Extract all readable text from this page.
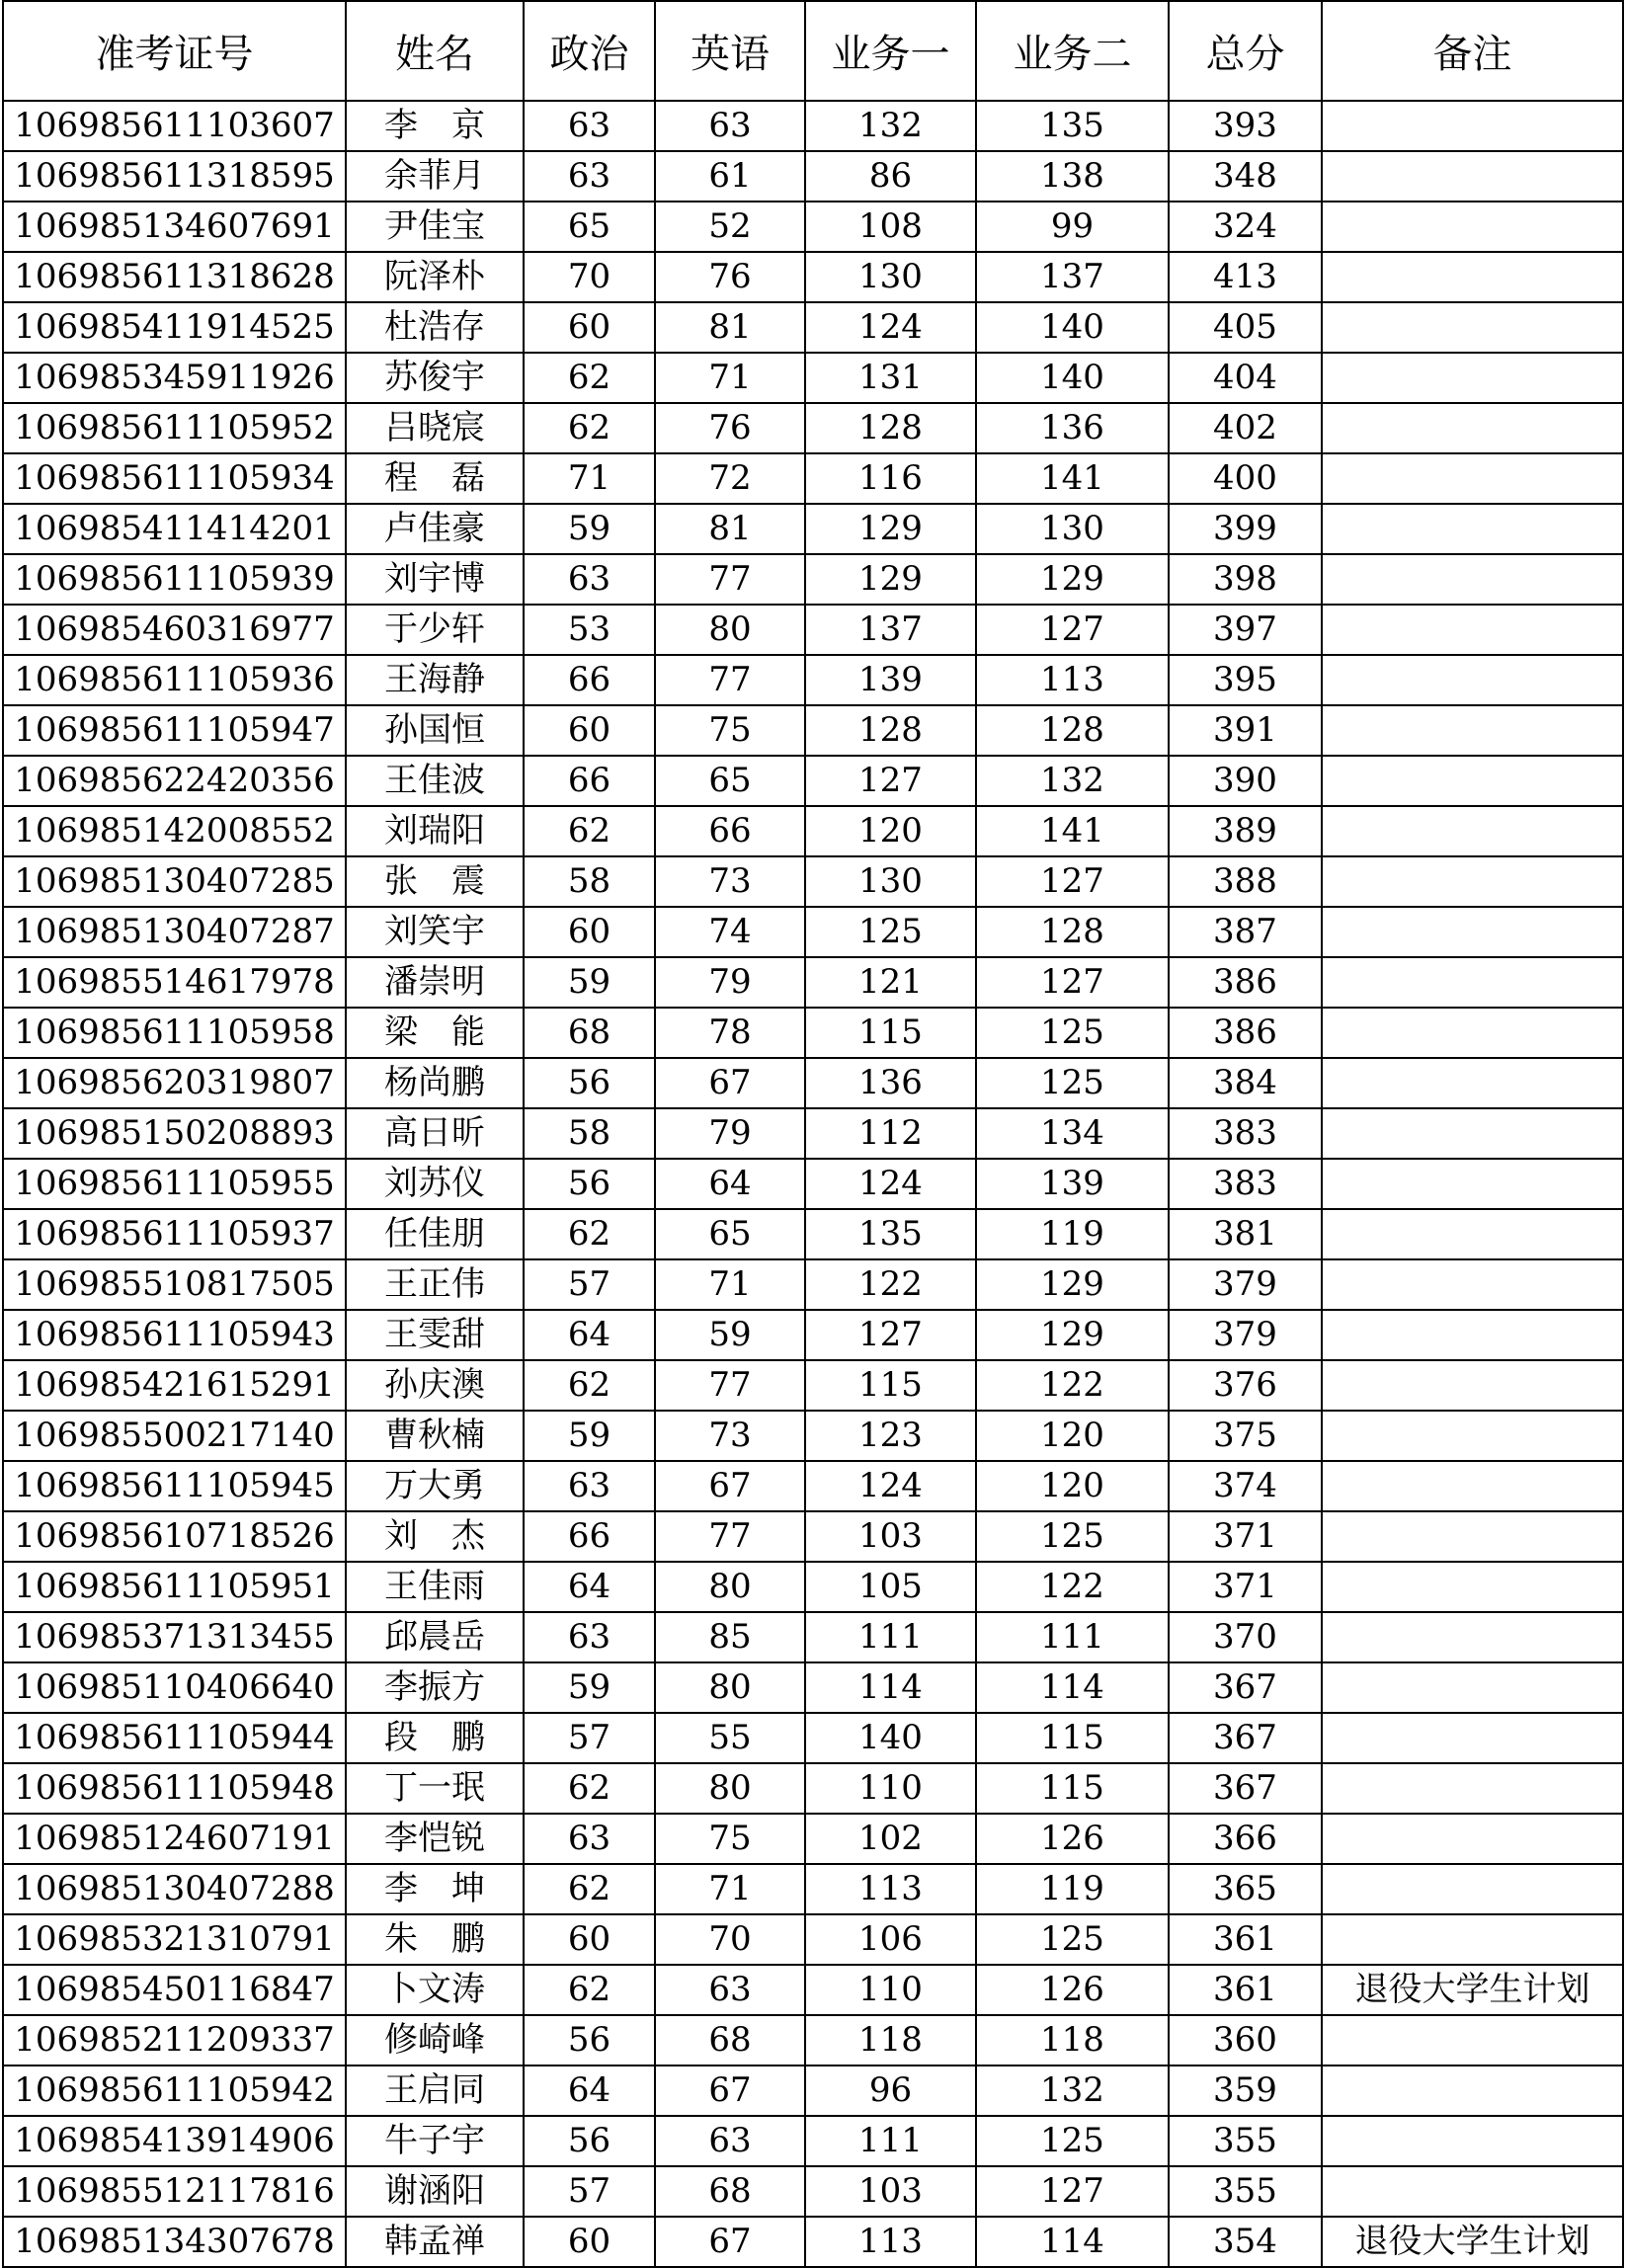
准考证号	姓名	政治	英语	业务一	业务二	总分	备注
106985611103607	李　京	63	63	132	135	393	
106985611318595	余菲月	63	61	86	138	348	
106985134607691	尹佳宝	65	52	108	99	324	
106985611318628	阮泽朴	70	76	130	137	413	
106985411914525	杜浩存	60	81	124	140	405	
106985345911926	苏俊宇	62	71	131	140	404	
106985611105952	吕晓宸	62	76	128	136	402	
106985611105934	程　磊	71	72	116	141	400	
106985411414201	卢佳豪	59	81	129	130	399	
106985611105939	刘宇博	63	77	129	129	398	
106985460316977	于少轩	53	80	137	127	397	
106985611105936	王海静	66	77	139	113	395	
106985611105947	孙国恒	60	75	128	128	391	
106985622420356	王佳波	66	65	127	132	390	
106985142008552	刘瑞阳	62	66	120	141	389	
106985130407285	张　震	58	73	130	127	388	
106985130407287	刘笑宇	60	74	125	128	387	
106985514617978	潘崇明	59	79	121	127	386	
106985611105958	梁　能	68	78	115	125	386	
106985620319807	杨尚鹏	56	67	136	125	384	
106985150208893	高日昕	58	79	112	134	383	
106985611105955	刘苏仪	56	64	124	139	383	
106985611105937	任佳朋	62	65	135	119	381	
106985510817505	王正伟	57	71	122	129	379	
106985611105943	王雯甜	64	59	127	129	379	
106985421615291	孙庆澳	62	77	115	122	376	
106985500217140	曹秋楠	59	73	123	120	375	
106985611105945	万大勇	63	67	124	120	374	
106985610718526	刘　杰	66	77	103	125	371	
106985611105951	王佳雨	64	80	105	122	371	
106985371313455	邱晨岳	63	85	111	111	370	
106985110406640	李振方	59	80	114	114	367	
106985611105944	段　鹏	57	55	140	115	367	
106985611105948	丁一珉	62	80	110	115	367	
106985124607191	李恺锐	63	75	102	126	366	
106985130407288	李　坤	62	71	113	119	365	
106985321310791	朱　鹏	60	70	106	125	361	
106985450116847	卜文涛	62	63	110	126	361	退役大学生计划
106985211209337	修崎峰	56	68	118	118	360	
106985611105942	王启同	64	67	96	132	359	
106985413914906	牛子宇	56	63	111	125	355	
106985512117816	谢涵阳	57	68	103	127	355	
106985134307678	韩孟禅	60	67	113	114	354	退役大学生计划
